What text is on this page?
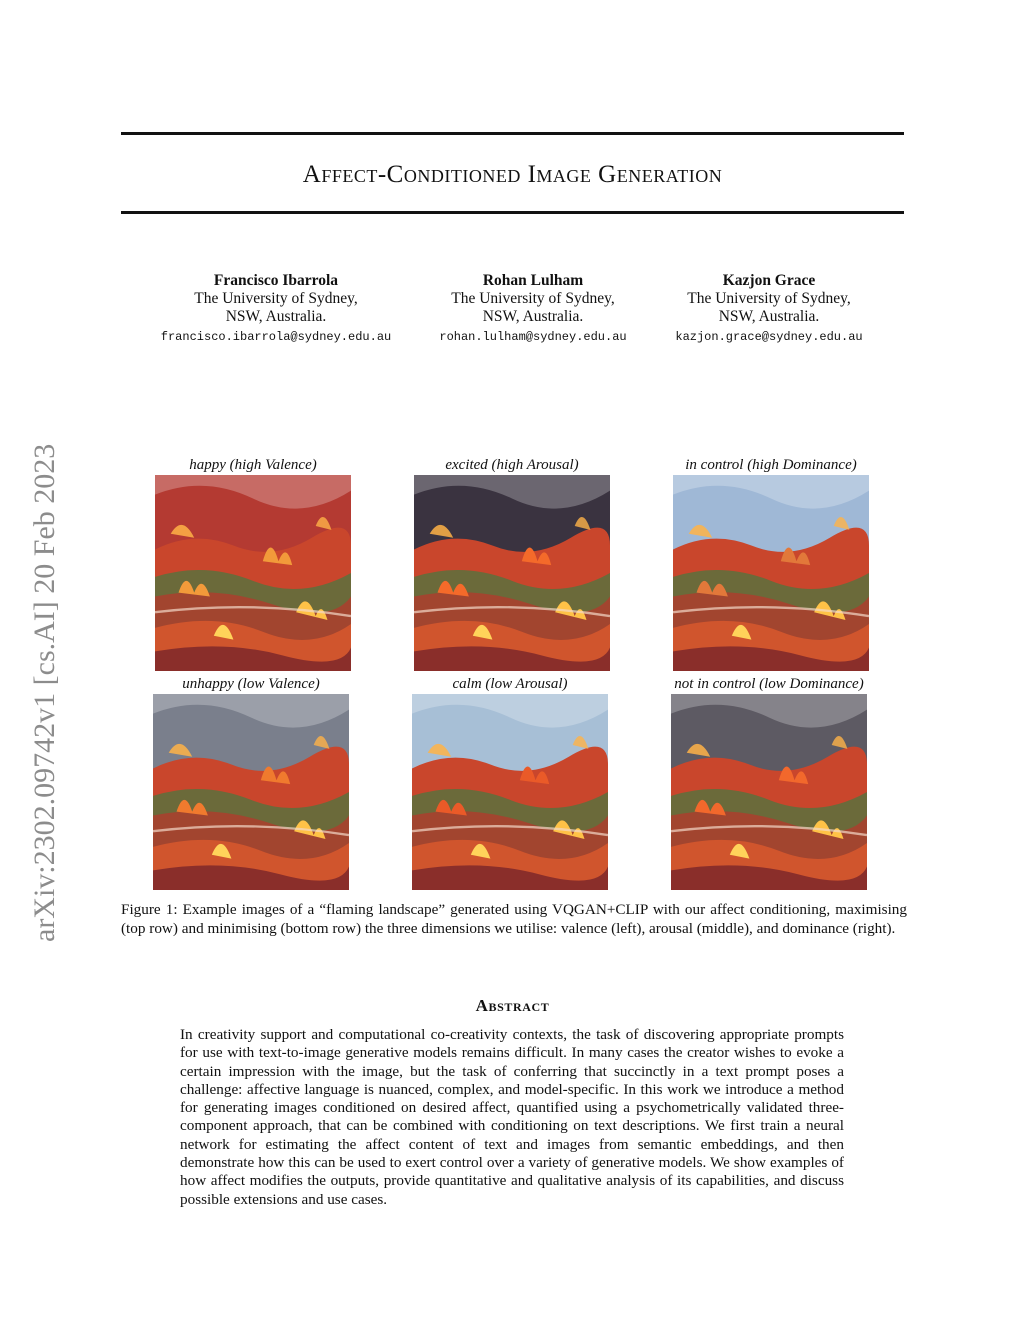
Affect-Conditioned Image Generation
arXiv:2302.09742v1 [cs.AI] 20 Feb 2023
Francisco Ibarrola
The University of Sydney,
NSW, Australia.
francisco.ibarrola@sydney.edu.au
Rohan Lulham
The University of Sydney,
NSW, Australia.
rohan.lulham@sydney.edu.au
Kazjon Grace
The University of Sydney,
NSW, Australia.
kazjon.grace@sydney.edu.au
happy (high Valence)	excited (high Arousal)	in control (high Dominance)
unhappy (low Valence)	calm (low Arousal)	not in control (low Dominance)
Figure 1: Example images of a “flaming landscape” generated using VQGAN+CLIP with our affect conditioning, maximising (top row) and minimising (bottom row) the three dimensions we utilise: valence (left), arousal (middle), and dominance (right).
Abstract
In creativity support and computational co-creativity contexts, the task of discovering appropriate prompts for use with text-to-image generative models remains difficult. In many cases the creator wishes to evoke a certain impression with the image, but the task of conferring that succinctly in a text prompt poses a challenge: affective language is nuanced, complex, and model-specific. In this work we introduce a method for generating images conditioned on desired affect, quantified using a psychometrically validated three-component approach, that can be combined with conditioning on text descriptions. We first train a neural network for estimating the affect content of text and images from semantic embeddings, and then demonstrate how this can be used to exert control over a variety of generative models. We show examples of how affect modifies the outputs, provide quantitative and qualitative analysis of its capabilities, and discuss possible extensions and use cases.
